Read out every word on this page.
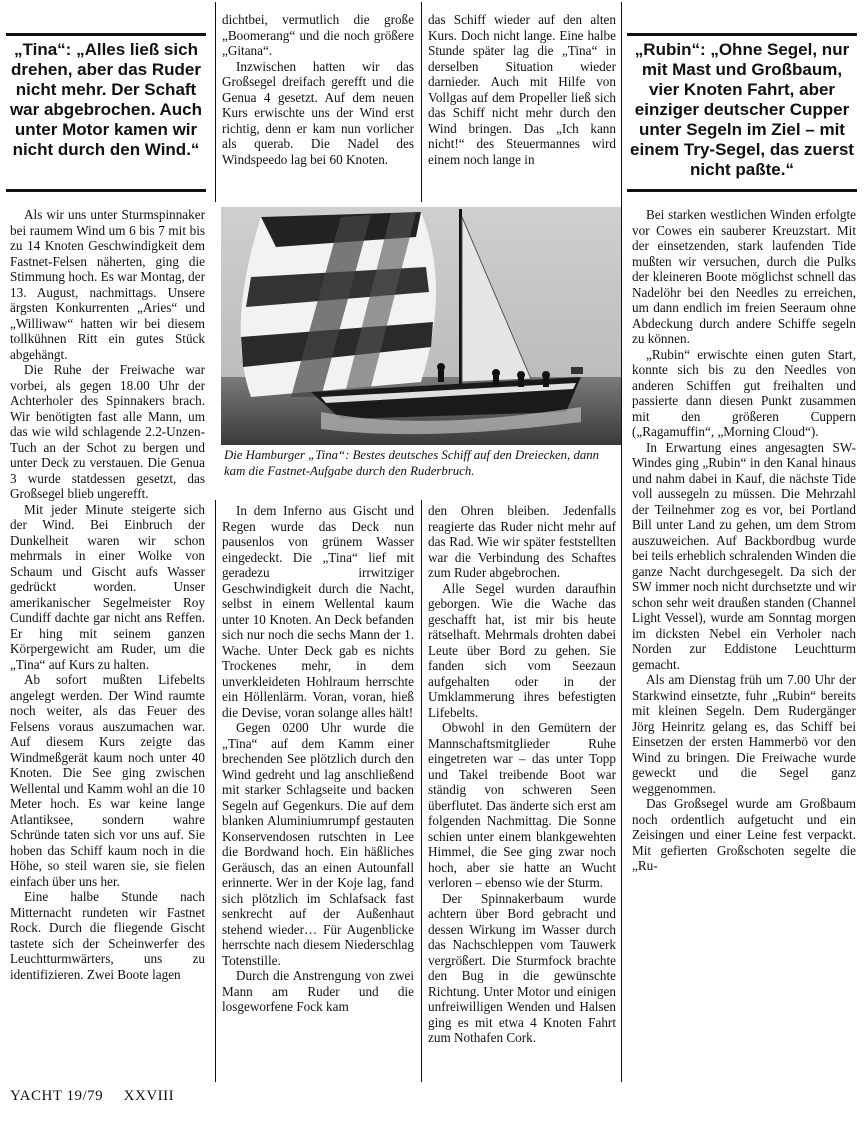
„Tina“: „Alles ließ sich drehen, aber das Ruder nicht mehr. Der Schaft war abgebrochen. Auch unter Motor kamen wir nicht durch den Wind.“

„Rubin“: „Ohne Segel, nur mit Mast und Großbaum, vier Knoten Fahrt, aber einziger deutscher Cupper unter Segeln im Ziel – mit einem Try-Segel, das zuerst nicht paßte.“

Als wir uns unter Sturmspinnaker bei raumem Wind um 6 bis 7 mit bis zu 14 Knoten Geschwindigkeit dem Fastnet-Felsen näherten, ging die Stimmung hoch. Es war Montag, der 13. August, nachmittags. Unsere ärgsten Konkurrenten „Aries“ und „Williwaw“ hatten wir bei diesem tollkühnen Ritt ein gutes Stück abgehängt.

Die Ruhe der Freiwache war vorbei, als gegen 18.00 Uhr der Achterholer des Spinnakers brach. Wir benötigten fast alle Mann, um das wie wild schlagende 2.2-Unzen-Tuch an der Schot zu bergen und unter Deck zu verstauen. Die Genua 3 wurde statdessen gesetzt, das Großsegel blieb ungerefft.

Mit jeder Minute steigerte sich der Wind. Bei Einbruch der Dunkelheit waren wir schon mehrmals in einer Wolke von Schaum und Gischt aufs Wasser gedrückt worden. Unser amerikanischer Segelmeister Roy Cundiff dachte gar nicht ans Reffen. Er hing mit seinem ganzen Körpergewicht am Ruder, um die „Tina“ auf Kurs zu halten.

Ab sofort mußten Lifebelts angelegt werden. Der Wind raumte noch weiter, als das Feuer des Felsens voraus auszumachen war. Auf diesem Kurs zeigte das Windmeßgerät kaum noch unter 40 Knoten. Die See ging zwischen Wellental und Kamm wohl an die 10 Meter hoch. Es war keine lange Atlantiksee, sondern wahre Schründe taten sich vor uns auf. Sie hoben das Schiff kaum noch in die Höhe, so steil waren sie, sie fielen einfach über uns her.

Eine halbe Stunde nach Mitternacht rundeten wir Fastnet Rock. Durch die fliegende Gischt tastete sich der Scheinwerfer des Leuchtturmwärters, uns zu identifizieren. Zwei Boote lagen

dichtbei, vermutlich die große „Boomerang“ und die noch größere „Gitana“.

Inzwischen hatten wir das Großsegel dreifach gerefft und die Genua 4 gesetzt. Auf dem neuen Kurs erwischte uns der Wind erst richtig, denn er kam nun vorlicher als querab. Die Nadel des Windspeedo lag bei 60 Knoten.

das Schiff wieder auf den alten Kurs. Doch nicht lange. Eine halbe Stunde später lag die „Tina“ in derselben Situation wieder darnieder. Auch mit Hilfe von Vollgas auf dem Propeller ließ sich das Schiff nicht mehr durch den Wind bringen. Das „Ich kann nicht!“ des Steuermannes wird einem noch lange in

Die Hamburger „Tina“: Bestes deutsches Schiff auf den Dreiecken, dann kam die Fastnet-Aufgabe durch den Ruderbruch.

In dem Inferno aus Gischt und Regen wurde das Deck nun pausenlos von grünem Wasser eingedeckt. Die „Tina“ lief mit geradezu irrwitziger Geschwindigkeit durch die Nacht, selbst in einem Wellental kaum unter 10 Knoten. An Deck befanden sich nur noch die sechs Mann der 1. Wache. Unter Deck gab es nichts Trockenes mehr, in dem unverkleideten Hohlraum herrschte ein Höllenlärm. Voran, voran, hieß die Devise, voran solange alles hält!

Gegen 0200 Uhr wurde die „Tina“ auf dem Kamm einer brechenden See plötzlich durch den Wind gedreht und lag anschließend mit starker Schlagseite und backen Segeln auf Gegenkurs. Die auf dem blanken Aluminiumrumpf gestauten Konservendosen rutschten in Lee die Bordwand hoch. Ein häßliches Geräusch, das an einen Autounfall erinnerte. Wer in der Koje lag, fand sich plötzlich im Schlafsack fast senkrecht auf der Außenhaut stehend wieder… Für Augenblicke herrschte nach diesem Niederschlag Totenstille.

Durch die Anstrengung von zwei Mann am Ruder und die losgeworfene Fock kam

den Ohren bleiben. Jedenfalls reagierte das Ruder nicht mehr auf das Rad. Wie wir später feststellten war die Verbindung des Schaftes zum Ruder abgebrochen.

Alle Segel wurden daraufhin geborgen. Wie die Wache das geschafft hat, ist mir bis heute rätselhaft. Mehrmals drohten dabei Leute über Bord zu gehen. Sie fanden sich vom Seezaun aufgehalten oder in der Umklammerung ihres befestigten Lifebelts.

Obwohl in den Gemütern der Mannschaftsmitglieder Ruhe eingetreten war – das unter Topp und Takel treibende Boot war ständig von schweren Seen überflutet. Das änderte sich erst am folgenden Nachmittag. Die Sonne schien unter einem blankgewehten Himmel, die See ging zwar noch hoch, aber sie hatte an Wucht verloren – ebenso wie der Sturm.

Der Spinnakerbaum wurde achtern über Bord gebracht und dessen Wirkung im Wasser durch das Nachschleppen vom Tauwerk vergrößert. Die Sturmfock brachte den Bug in die gewünschte Richtung. Unter Motor und einigen unfreiwilligen Wenden und Halsen ging es mit etwa 4 Knoten Fahrt zum Nothafen Cork.

Bei starken westlichen Winden erfolgte vor Cowes ein sauberer Kreuzstart. Mit der einsetzenden, stark laufenden Tide mußten wir versuchen, durch die Pulks der kleineren Boote möglichst schnell das Nadelöhr bei den Needles zu erreichen, um dann endlich im freien Seeraum ohne Abdeckung durch andere Schiffe segeln zu können.

„Rubin“ erwischte einen guten Start, konnte sich bis zu den Needles von anderen Schiffen gut freihalten und passierte dann diesen Punkt zusammen mit den größeren Cuppern („Ragamuffin“, „Morning Cloud“).

In Erwartung eines angesagten SW-Windes ging „Rubin“ in den Kanal hinaus und nahm dabei in Kauf, die nächste Tide voll aussegeln zu müssen. Die Mehrzahl der Teilnehmer zog es vor, bei Portland Bill unter Land zu gehen, um dem Strom auszuweichen. Auf Backbordbug wurde bei teils erheblich schralenden Winden die ganze Nacht durchgesegelt. Da sich der SW immer noch nicht durchsetzte und wir schon sehr weit draußen standen (Channel Light Vessel), wurde am Sonntag morgen im dicksten Nebel ein Verholer nach Norden zur Eddistone Leuchtturm gemacht.

Als am Dienstag früh um 7.00 Uhr der Starkwind einsetzte, fuhr „Rubin“ bereits mit kleinen Segeln. Dem Rudergänger Jörg Heinritz gelang es, das Schiff bei Einsetzen der ersten Hammerbö vor den Wind zu bringen. Die Freiwache wurde geweckt und die Segel ganz weggenommen.

Das Großsegel wurde am Großbaum noch ordentlich aufgetucht und ein Zeisingen und einer Leine fest verpackt. Mit gefierten Großschoten segelte die „Ru-

YACHT 19/79 XXVIII
